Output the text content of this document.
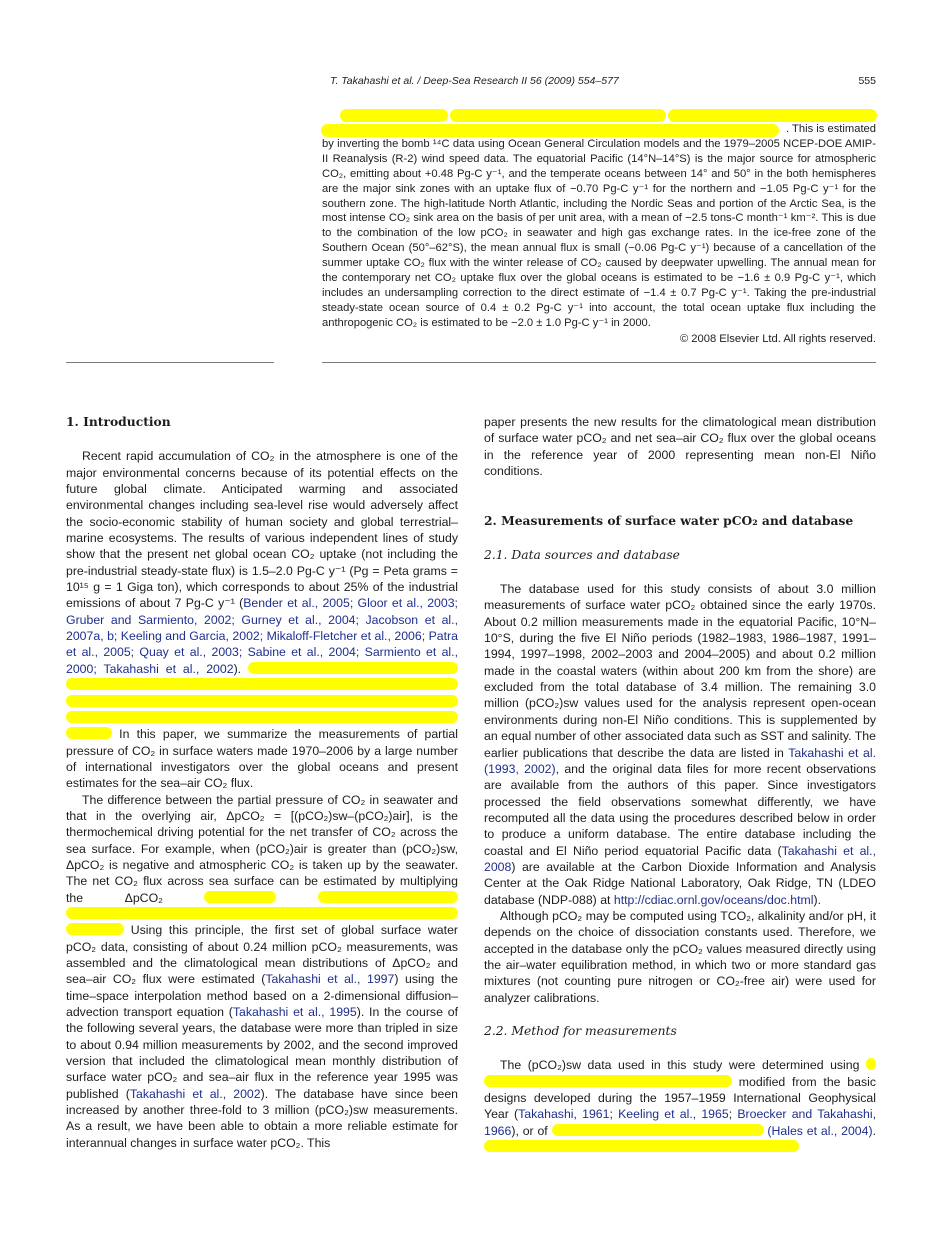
T. Takahashi et al. / Deep-Sea Research II 56 (2009) 554–577	555

. This is estimated

by inverting the bomb ¹⁴C data using Ocean General Circulation models and the 1979–2005 NCEP-DOE AMIP-II Reanalysis (R-2) wind speed data. The equatorial Pacific (14°N–14°S) is the major source for atmospheric CO₂, emitting about +0.48 Pg-C y⁻¹, and the temperate oceans between 14° and 50° in the both hemispheres are the major sink zones with an uptake flux of −0.70 Pg-C y⁻¹ for the northern and −1.05 Pg-C y⁻¹ for the southern zone. The high-latitude North Atlantic, including the Nordic Seas and portion of the Arctic Sea, is the most intense CO₂ sink area on the basis of per unit area, with a mean of −2.5 tons-C month⁻¹ km⁻². This is due to the combination of the low pCO₂ in seawater and high gas exchange rates. In the ice-free zone of the Southern Ocean (50°–62°S), the mean annual flux is small (−0.06 Pg-C y⁻¹) because of a cancellation of the summer uptake CO₂ flux with the winter release of CO₂ caused by deepwater upwelling. The annual mean for the contemporary net CO₂ uptake flux over the global oceans is estimated to be −1.6 ± 0.9 Pg-C y⁻¹, which includes an undersampling correction to the direct estimate of −1.4 ± 0.7 Pg-C y⁻¹. Taking the pre-industrial steady-state ocean source of 0.4 ± 0.2 Pg-C y⁻¹ into account, the total ocean uptake flux including the anthropogenic CO₂ is estimated to be −2.0 ± 1.0 Pg-C y⁻¹ in 2000.

© 2008 Elsevier Ltd. All rights reserved.

1. Introduction

Recent rapid accumulation of CO₂ in the atmosphere is one of the major environmental concerns because of its potential effects on the future global climate. Anticipated warming and associated environmental changes including sea-level rise would adversely affect the socio-economic stability of human society and global terrestrial–marine ecosystems. The results of various independent lines of study show that the present net global ocean CO₂ uptake (not including the pre-industrial steady-state flux) is 1.5–2.0 Pg-C y⁻¹ (Pg = Peta grams = 10¹⁵ g = 1 Giga ton), which corresponds to about 25% of the industrial emissions of about 7 Pg-C y⁻¹ (Bender et al., 2005; Gloor et al., 2003; Gruber and Sarmiento, 2002; Gurney et al., 2004; Jacobson et al., 2007a, b; Keeling and Garcia, 2002; Mikaloff-Fletcher et al., 2006; Patra et al., 2005; Quay et al., 2003; Sabine et al., 2004; Sarmiento et al., 2000; Takahashi et al., 2002).      In this paper, we summarize the measurements of partial pressure of CO₂ in surface waters made 1970–2006 by a large number of international investigators over the global oceans and present estimates for the sea–air CO₂ flux.

The difference between the partial pressure of CO₂ in seawater and that in the overlying air, ΔpCO₂ = [(pCO₂)sw–(pCO₂)air], is the thermochemical driving potential for the net transfer of CO₂ across the sea surface. For example, when (pCO₂)air is greater than (pCO₂)sw, ΔpCO₂ is negative and atmospheric CO₂ is taken up by the seawater. The net CO₂ flux across sea surface can be estimated by multiplying the ΔpCO₂     Using this principle, the first set of global surface water pCO₂ data, consisting of about 0.24 million pCO₂ measurements, was assembled and the climatological mean distributions of ΔpCO₂ and sea–air CO₂ flux were estimated (Takahashi et al., 1997) using the time–space interpolation method based on a 2-dimensional diffusion–advection transport equation (Takahashi et al., 1995). In the course of the following several years, the database were more than tripled in size to about 0.94 million measurements by 2002, and the second improved version that included the climatological mean monthly distribution of surface water pCO₂ and sea–air flux in the reference year 1995 was published (Takahashi et al., 2002). The database have since been increased by another three-fold to 3 million (pCO₂)sw measurements. As a result, we have been able to obtain a more reliable estimate for interannual changes in surface water pCO₂. This

paper presents the new results for the climatological mean distribution of surface water pCO₂ and net sea–air CO₂ flux over the global oceans in the reference year of 2000 representing mean non-El Niño conditions.

2. Measurements of surface water pCO₂ and database

2.1. Data sources and database

The database used for this study consists of about 3.0 million measurements of surface water pCO₂ obtained since the early 1970s. About 0.2 million measurements made in the equatorial Pacific, 10°N–10°S, during the five El Niño periods (1982–1983, 1986–1987, 1991–1994, 1997–1998, 2002–2003 and 2004–2005) and about 0.2 million made in the coastal waters (within about 200 km from the shore) are excluded from the total database of 3.4 million. The remaining 3.0 million (pCO₂)sw values used for the analysis represent open-ocean environments during non-El Niño conditions. This is supplemented by an equal number of other associated data such as SST and salinity. The earlier publications that describe the data are listed in Takahashi et al. (1993, 2002), and the original data files for more recent observations are available from the authors of this paper. Since investigators processed the field observations somewhat differently, we have recomputed all the data using the procedures described below in order to produce a uniform database. The entire database including the coastal and El Niño period equatorial Pacific data (Takahashi et al., 2008) are available at the Carbon Dioxide Information and Analysis Center at the Oak Ridge National Laboratory, Oak Ridge, TN (LDEO database (NDP-088) at http://cdiac.ornl.gov/oceans/doc.html).

Although pCO₂ may be computed using TCO₂, alkalinity and/or pH, it depends on the choice of dissociation constants used. Therefore, we accepted in the database only the pCO₂ values measured directly using the air–water equilibration method, in which two or more standard gas mixtures (not counting pure nitrogen or CO₂-free air) were used for analyzer calibrations.

2.2. Method for measurements

The (pCO₂)sw data used in this study were determined using   modified from the basic designs developed during the 1957–1959 International Geophysical Year (Takahashi, 1961; Keeling et al., 1965; Broecker and Takahashi, 1966), or of	(Hales et al., 2004).
